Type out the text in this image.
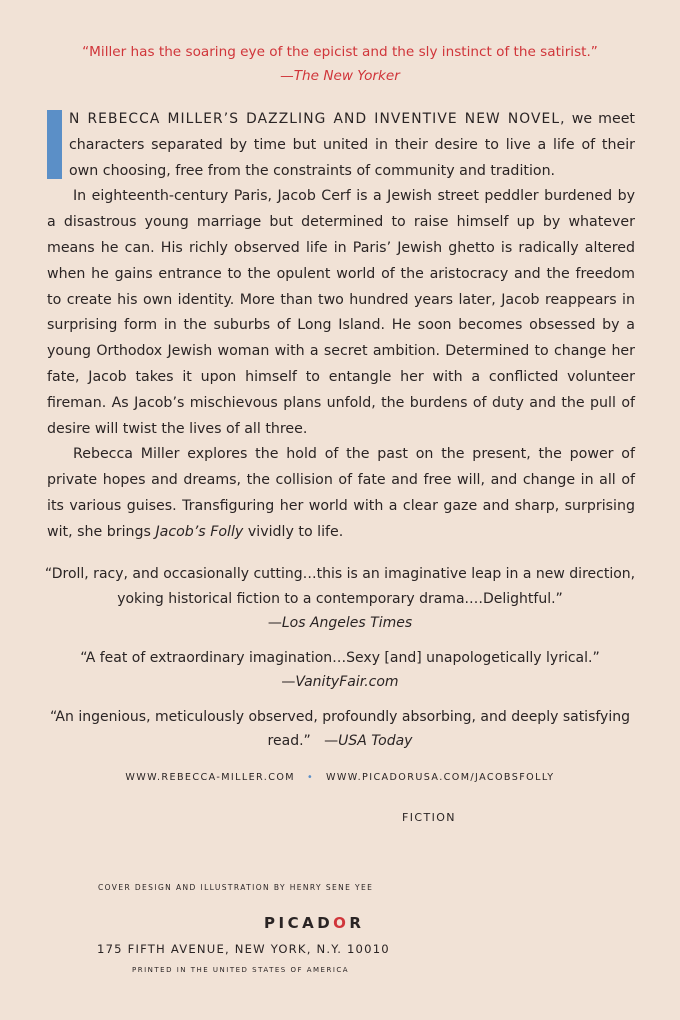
“Miller has the soaring eye of the epicist and the sly instinct of the satirist.”
—The New Yorker

N REBECCA MILLER’S DAZZLING AND INVENTIVE NEW NOVEL, we meet characters separated by time but united in their desire to live a life of their own choosing, free from the constraints of community and tradition.

In eighteenth-century Paris, Jacob Cerf is a Jewish street peddler burdened by a disastrous young marriage but determined to raise himself up by whatever means he can. His richly observed life in Paris’ Jewish ghetto is radically altered when he gains entrance to the opulent world of the aristocracy and the freedom to create his own identity. More than two hundred years later, Jacob reappears in surprising form in the suburbs of Long Island. He soon becomes obsessed by a young Orthodox Jewish woman with a secret ambition. Determined to change her fate, Jacob takes it upon himself to entangle her with a conflicted volunteer fireman. As Jacob’s mischievous plans unfold, the burdens of duty and the pull of desire will twist the lives of all three.

Rebecca Miller explores the hold of the past on the present, the power of private hopes and dreams, the collision of fate and free will, and change in all of its various guises. Transfiguring her world with a clear gaze and sharp, surprising wit, she brings Jacob’s Folly vividly to life.

“Droll, racy, and occasionally cutting…this is an imaginative leap in a new direction, yoking historical fiction to a contemporary drama.…Delightful.”
—Los Angeles Times

“A feat of extraordinary imagination…Sexy [and] unapologetically lyrical.”
—VanityFair.com

“An ingenious, meticulously observed, profoundly absorbing, and deeply satisfying read.” —USA Today

WWW.REBECCA-MILLER.COM • WWW.PICADORUSA.COM/JACOBSFOLLY
FICTION
COVER DESIGN AND ILLUSTRATION BY HENRY SENE YEE
PICADOR
175 FIFTH AVENUE, NEW YORK, N.Y. 10010
PRINTED IN THE UNITED STATES OF AMERICA
